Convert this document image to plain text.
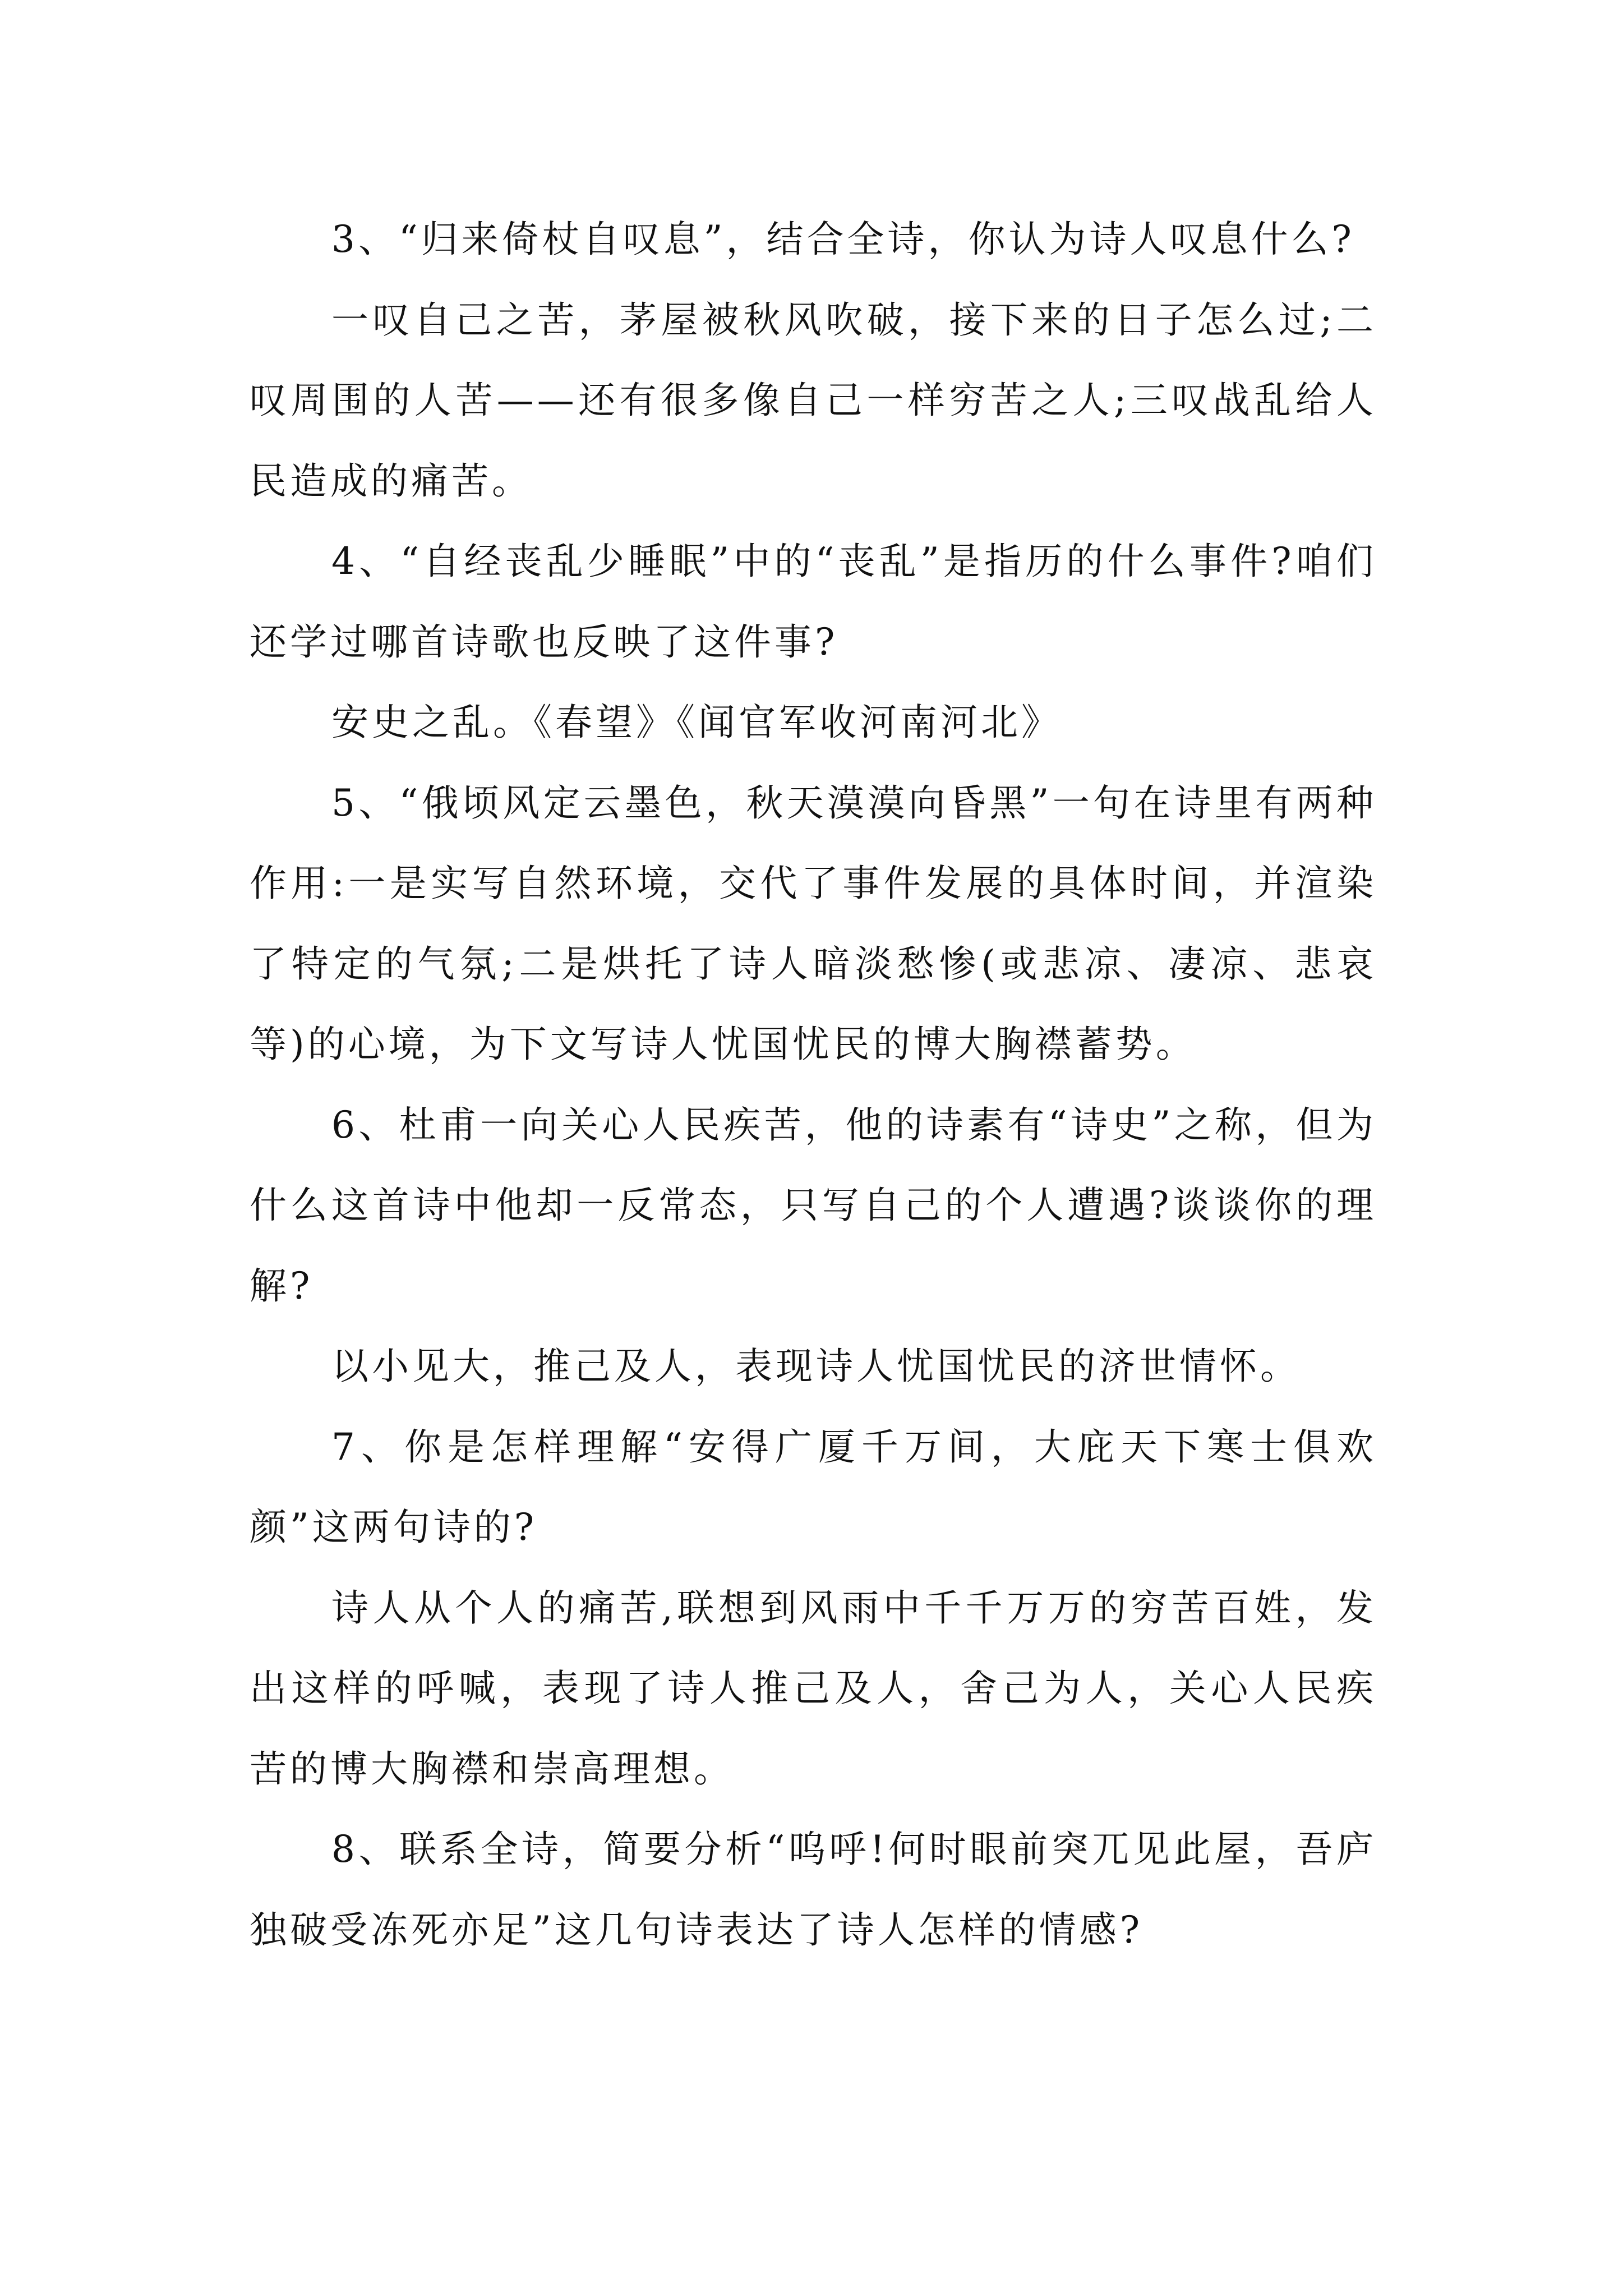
3、“归来倚杖自叹息”，结合全诗，你认为诗人叹息什么?

一叹自己之苦，茅屋被秋风吹破，接下来的日子怎么过;二叹周围的人苦——还有很多像自己一样穷苦之人;三叹战乱给人民造成的痛苦。

4、“自经丧乱少睡眠”中的“丧乱”是指历的什么事件?咱们还学过哪首诗歌也反映了这件事?

安史之乱。《春望》《闻官军收河南河北》

5、“俄顷风定云墨色，秋天漠漠向昏黑”一句在诗里有两种作用:一是实写自然环境，交代了事件发展的具体时间，并渲染了特定的气氛;二是烘托了诗人暗淡愁惨(或悲凉、凄凉、悲哀等)的心境，为下文写诗人忧国忧民的博大胸襟蓄势。

6、杜甫一向关心人民疾苦，他的诗素有“诗史”之称，但为什么这首诗中他却一反常态，只写自己的个人遭遇?谈谈你的理解?

以小见大，推己及人，表现诗人忧国忧民的济世情怀。

7、你是怎样理解“安得广厦千万间，大庇天下寒士俱欢颜”这两句诗的?

诗人从个人的痛苦,联想到风雨中千千万万的穷苦百姓，发出这样的呼喊，表现了诗人推己及人，舍己为人，关心人民疾苦的博大胸襟和崇高理想。

8、联系全诗，简要分析“呜呼!何时眼前突兀见此屋，吾庐独破受冻死亦足”这几句诗表达了诗人怎样的情感?
